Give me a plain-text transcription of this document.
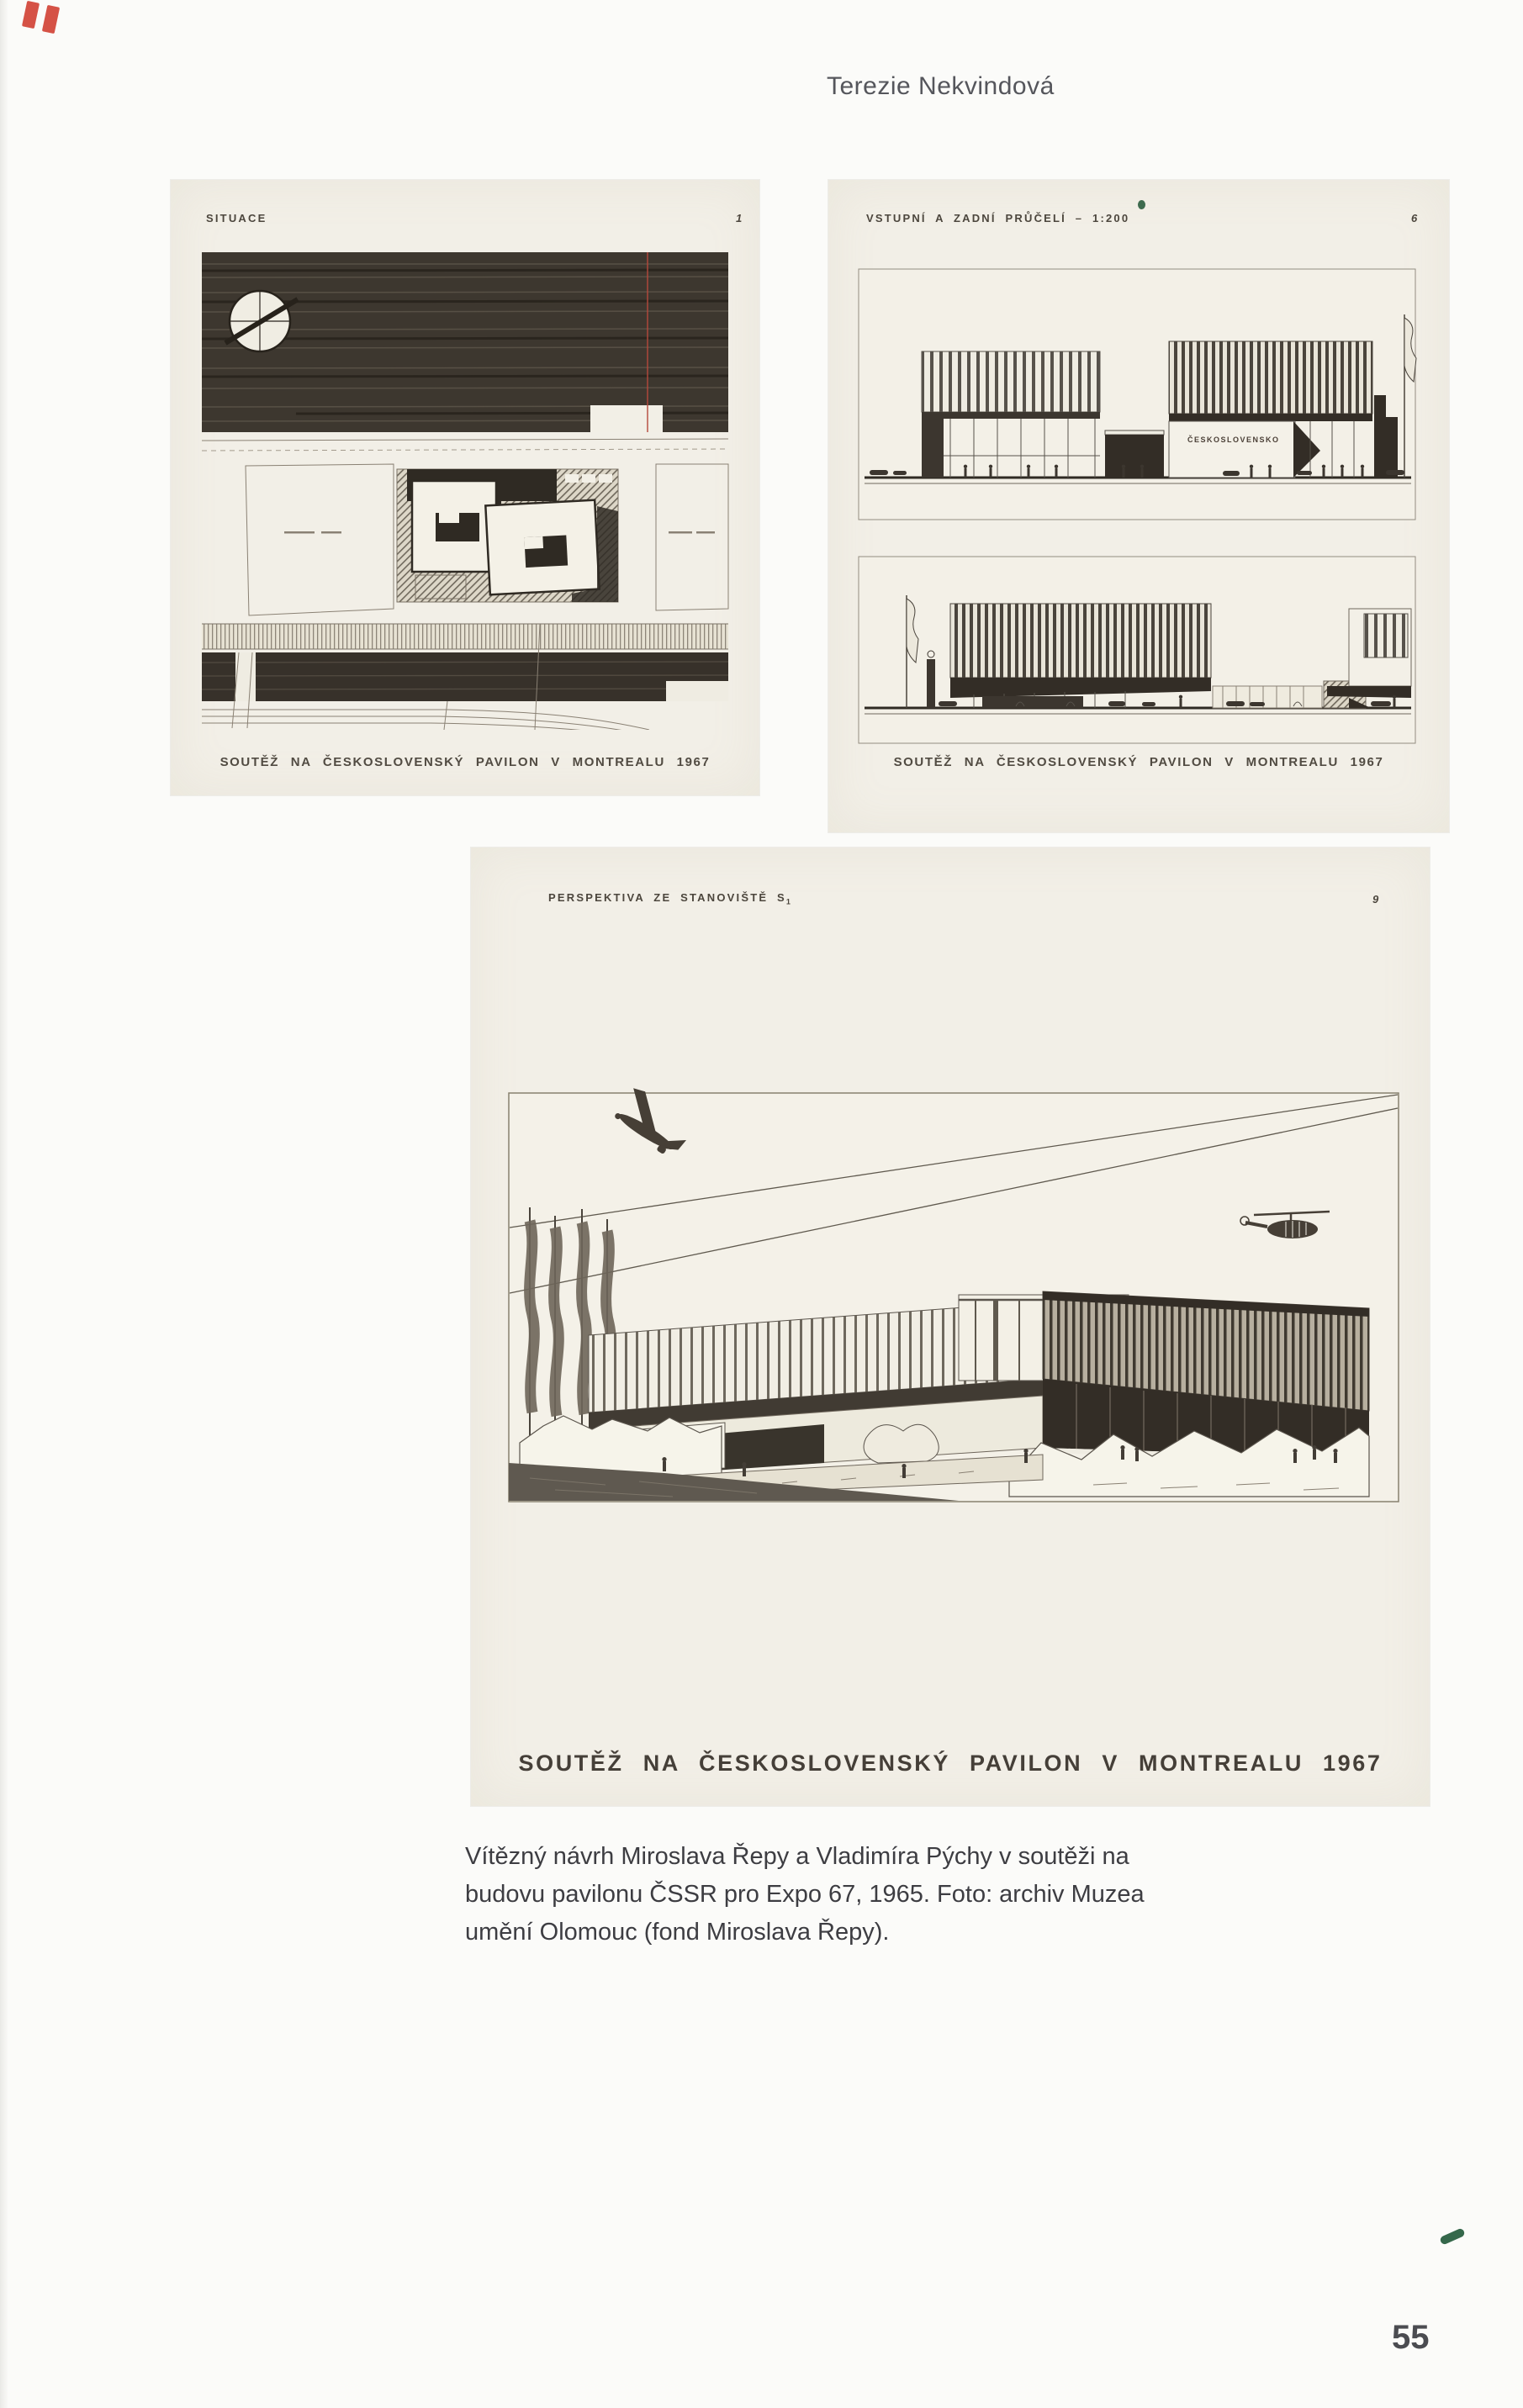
Terezie Nekvindová
SITUACE	1
SOUTĚŽ NA ČESKOSLOVENSKÝ PAVILON V MONTREALU 1967
VSTUPNÍ A ZADNÍ PRŮČELÍ – 1:200	6
ČESKOSLOVENSKO
SOUTĚŽ NA ČESKOSLOVENSKÝ PAVILON V MONTREALU 1967
PERSPEKTIVA ZE STANOVIŠTĚ $S_1$	9
SOUTĚŽ NA ČESKOSLOVENSKÝ PAVILON V MONTREALU 1967
Vítězný návrh Miroslava Řepy a Vladimíra Pýchy v soutěži na
budovu pavilonu ČSSR pro Expo 67, 1965. Foto: archiv Muzea
umění Olomouc (fond Miroslava Řepy).
55
